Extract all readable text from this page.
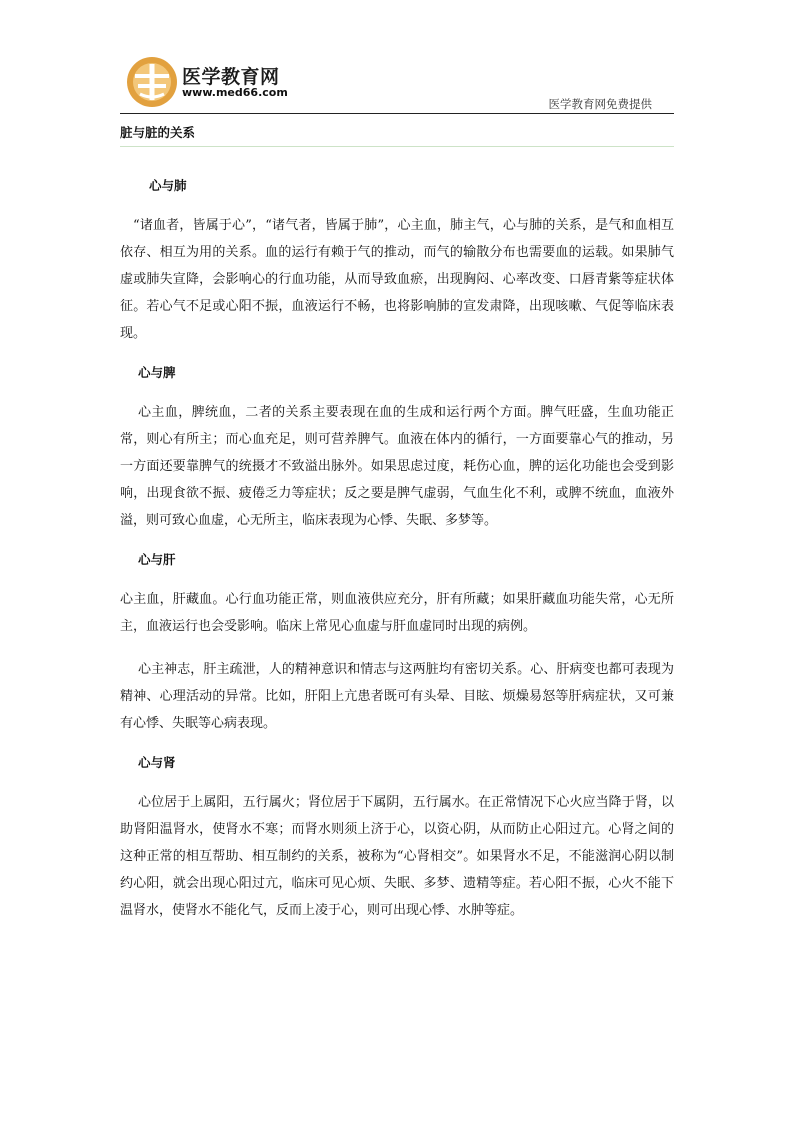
医学教育网
www.med66.com
医学教育网免费提供
脏与脏的关系
心与肺

“诸血者，皆属于心”，“诸气者，皆属于肺”，心主血，肺主气，心与肺的关系，是气和血相互依存、相互为用的关系。血的运行有赖于气的推动，而气的输散分布也需要血的运载。如果肺气虚或肺失宣降，会影响心的行血功能，从而导致血瘀，出现胸闷、心率改变、口唇青紫等症状体征。若心气不足或心阳不振，血液运行不畅，也将影响肺的宣发肃降，出现咳嗽、气促等临床表现。

心与脾

心主血，脾统血，二者的关系主要表现在血的生成和运行两个方面。脾气旺盛，生血功能正常，则心有所主；而心血充足，则可营养脾气。血液在体内的循行，一方面要靠心气的推动，另一方面还要靠脾气的统摄才不致溢出脉外。如果思虑过度，耗伤心血，脾的运化功能也会受到影响，出现食欲不振、疲倦乏力等症状；反之要是脾气虚弱，气血生化不利，或脾不统血，血液外溢，则可致心血虚，心无所主，临床表现为心悸、失眠、多梦等。

心与肝

心主血，肝藏血。心行血功能正常，则血液供应充分，肝有所藏；如果肝藏血功能失常，心无所主，血液运行也会受影响。临床上常见心血虚与肝血虚同时出现的病例。

心主神志，肝主疏泄，人的精神意识和情志与这两脏均有密切关系。心、肝病变也都可表现为精神、心理活动的异常。比如，肝阳上亢患者既可有头晕、目眩、烦燥易怒等肝病症状，又可兼有心悸、失眠等心病表现。

心与肾

心位居于上属阳，五行属火；肾位居于下属阴，五行属水。在正常情况下心火应当降于肾，以助肾阳温肾水，使肾水不寒；而肾水则须上济于心，以资心阴，从而防止心阳过亢。心肾之间的这种正常的相互帮助、相互制约的关系，被称为“心肾相交”。如果肾水不足，不能滋润心阴以制约心阳，就会出现心阳过亢，临床可见心烦、失眠、多梦、遗精等症。若心阳不振，心火不能下温肾水，使肾水不能化气，反而上凌于心，则可出现心悸、水肿等症。
